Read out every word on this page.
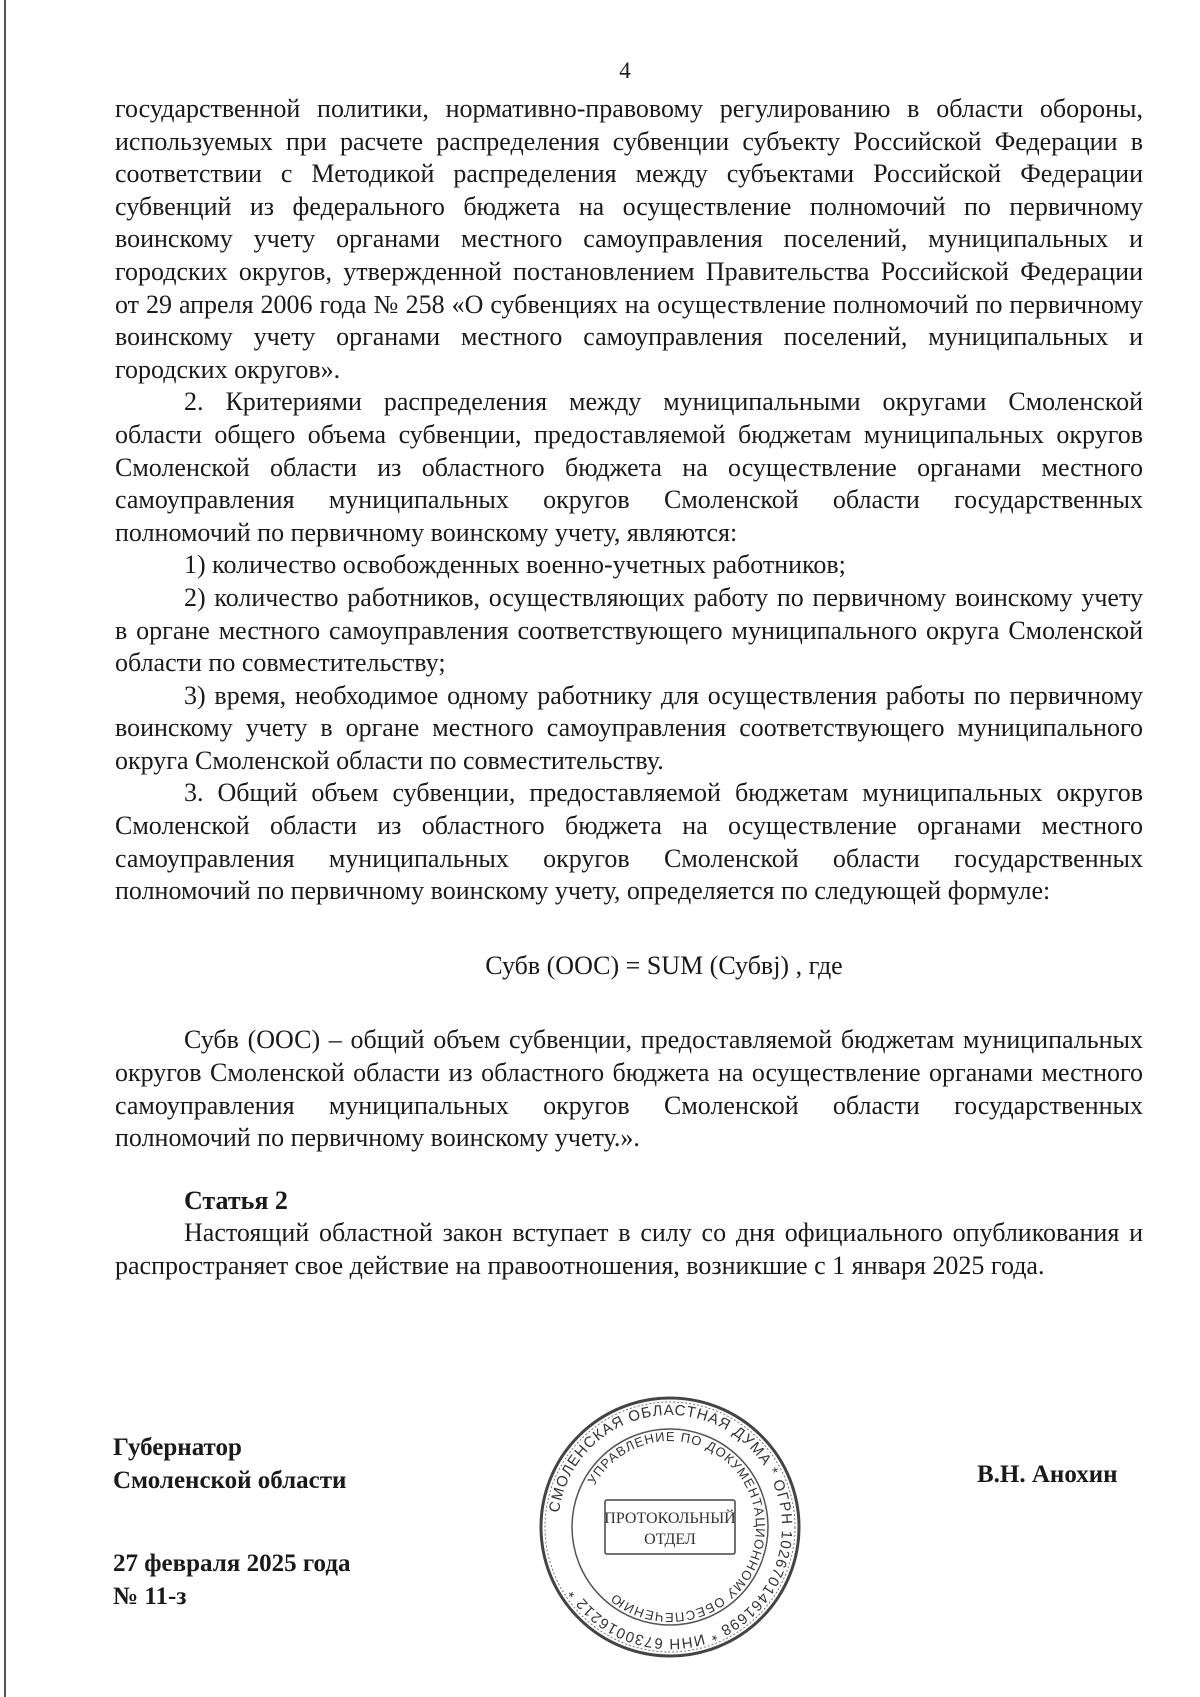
4

государственной политики, нормативно-правовому регулированию в области обороны, используемых при расчете распределения субвенции субъекту Российской Федерации в соответствии с Методикой распределения между субъектами Российской Федерации субвенций из федерального бюджета на осуществление полномочий по первичному воинскому учету органами местного самоуправления поселений, муниципальных и городских округов, утвержденной постановлением Правительства Российской Федерации от 29 апреля 2006 года № 258 «О субвенциях на осуществление полномочий по первичному воинскому учету органами местного самоуправления поселений, муниципальных и городских округов».

2. Критериями распределения между муниципальными округами Смоленской области общего объема субвенции, предоставляемой бюджетам муниципальных округов Смоленской области из областного бюджета на осуществление органами местного самоуправления муниципальных округов Смоленской области государственных полномочий по первичному воинскому учету, являются:

1) количество освобожденных военно-учетных работников;

2) количество работников, осуществляющих работу по первичному воинскому учету в органе местного самоуправления соответствующего муниципального округа Смоленской области по совместительству;

3) время, необходимое одному работнику для осуществления работы по первичному воинскому учету в органе местного самоуправления соответствующего муниципального округа Смоленской области по совместительству.

3. Общий объем субвенции, предоставляемой бюджетам муниципальных округов Смоленской области из областного бюджета на осуществление органами местного самоуправления муниципальных округов Смоленской области государственных полномочий по первичному воинскому учету, определяется по следующей формуле:

Субв (ООС) = SUM (Субвj) , где

Субв (ООС) – общий объем субвенции, предоставляемой бюджетам муниципальных округов Смоленской области из областного бюджета на осуществление органами местного самоуправления муниципальных округов Смоленской области государственных полномочий по первичному воинскому учету.».

Статья 2

Настоящий областной закон вступает в силу со дня официального опубликования и распространяет свое действие на правоотношения, возникшие с 1 января 2025 года.

Губернатор
Смоленской области
27 февраля 2025 года
№ 11-з
В.Н. Анохин
СМОЛЕНСКАЯ ОБЛАСТНАЯ ДУМА * ОГРН 1026701461698 * ИНН 6730016212 *
УПРАВЛЕНИЕ ПО ДОКУМЕНТАЦИОННОМУ ОБЕСПЕЧЕНИЮ
ПРОТОКОЛЬНЫЙ
ОТДЕЛ
